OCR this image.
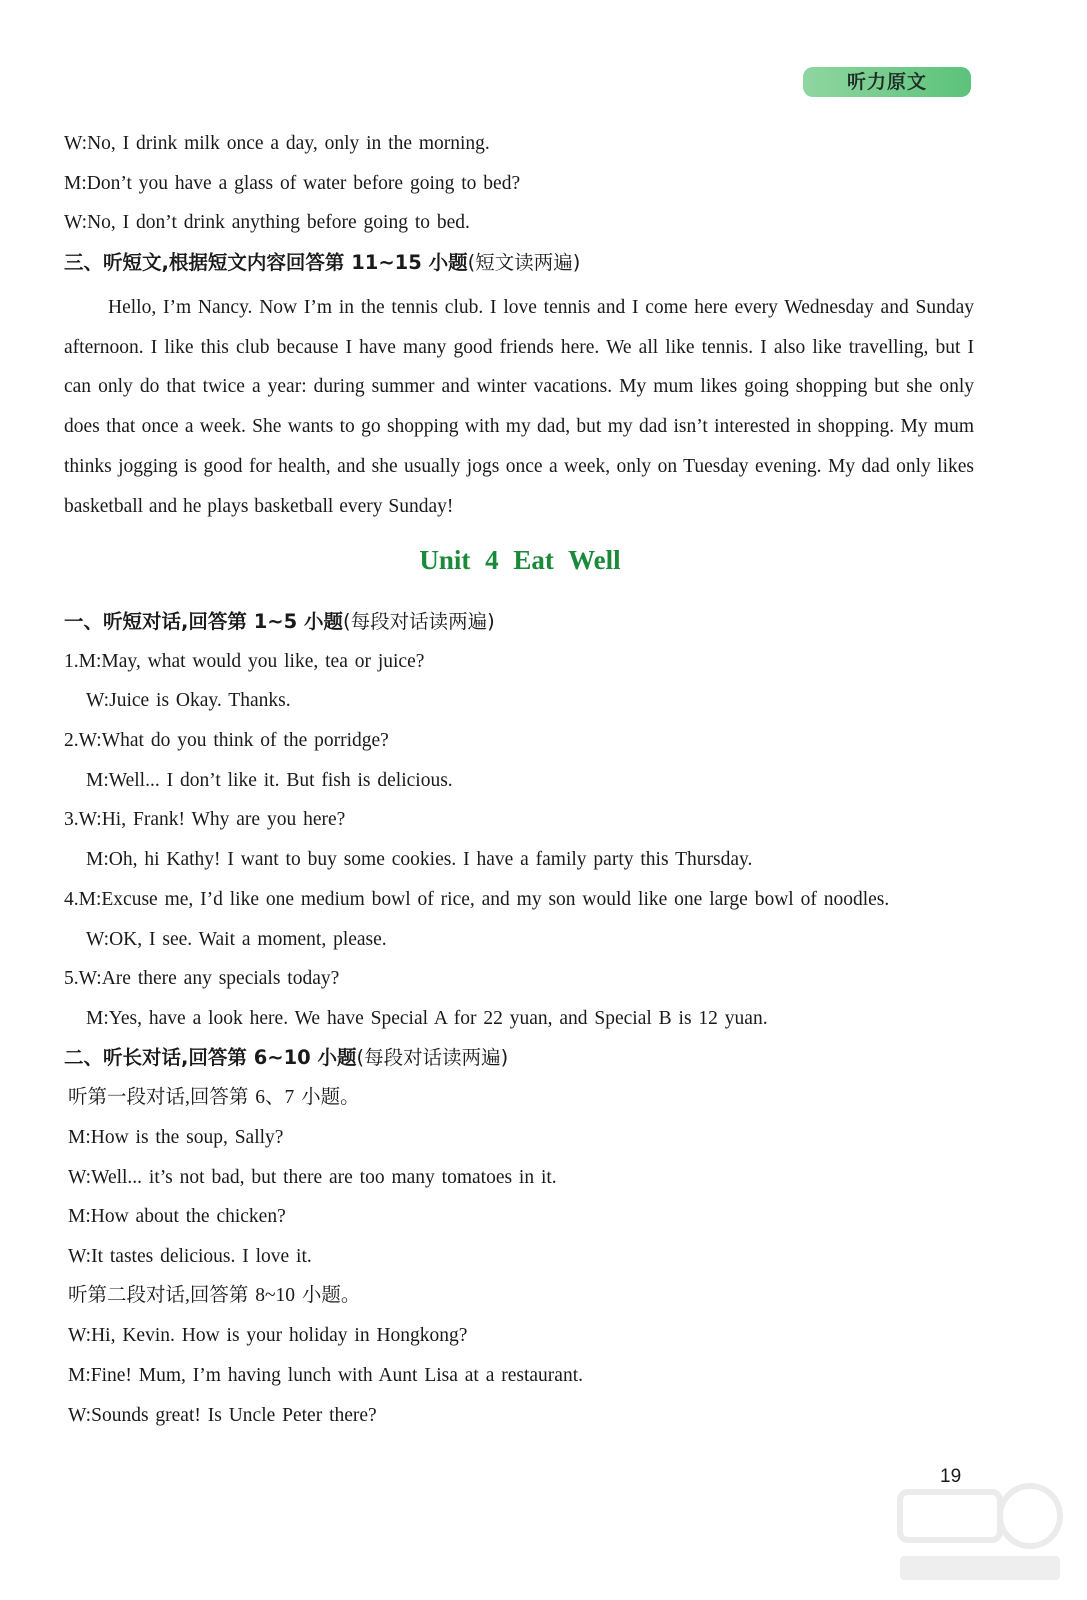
听力原文
W:No, I drink milk once a day, only in the morning.
M:Don’t you have a glass of water before going to bed?
W:No, I don’t drink anything before going to bed.
三、听短文,根据短文内容回答第 11~15 小题(短文读两遍)
Hello, I’m Nancy. Now I’m in the tennis club. I love tennis and I come here every Wednesday and Sunday afternoon. I like this club because I have many good friends here. We all like tennis. I also like travelling, but I can only do that twice a year: during summer and winter vacations. My mum likes going shopping but she only does that once a week. She wants to go shopping with my dad, but my dad isn’t interested in shopping. My mum thinks jogging is good for health, and she usually jogs once a week, only on Tuesday evening. My dad only likes basketball and he plays basketball every Sunday!
Unit 4 Eat Well
一、听短对话,回答第 1~5 小题(每段对话读两遍)
1.M:May, what would you like, tea or juice?
W:Juice is Okay. Thanks.
2.W:What do you think of the porridge?
M:Well... I don’t like it. But fish is delicious.
3.W:Hi, Frank! Why are you here?
M:Oh, hi Kathy! I want to buy some cookies. I have a family party this Thursday.
4.M:Excuse me, I’d like one medium bowl of rice, and my son would like one large bowl of noodles.
W:OK, I see. Wait a moment, please.
5.W:Are there any specials today?
M:Yes, have a look here. We have Special A for 22 yuan, and Special B is 12 yuan.
二、听长对话,回答第 6~10 小题(每段对话读两遍)
听第一段对话,回答第 6、7 小题。
M:How is the soup, Sally?
W:Well... it’s not bad, but there are too many tomatoes in it.
M:How about the chicken?
W:It tastes delicious. I love it.
听第二段对话,回答第 8~10 小题。
W:Hi, Kevin. How is your holiday in Hongkong?
M:Fine! Mum, I’m having lunch with Aunt Lisa at a restaurant.
W:Sounds great! Is Uncle Peter there?
19
